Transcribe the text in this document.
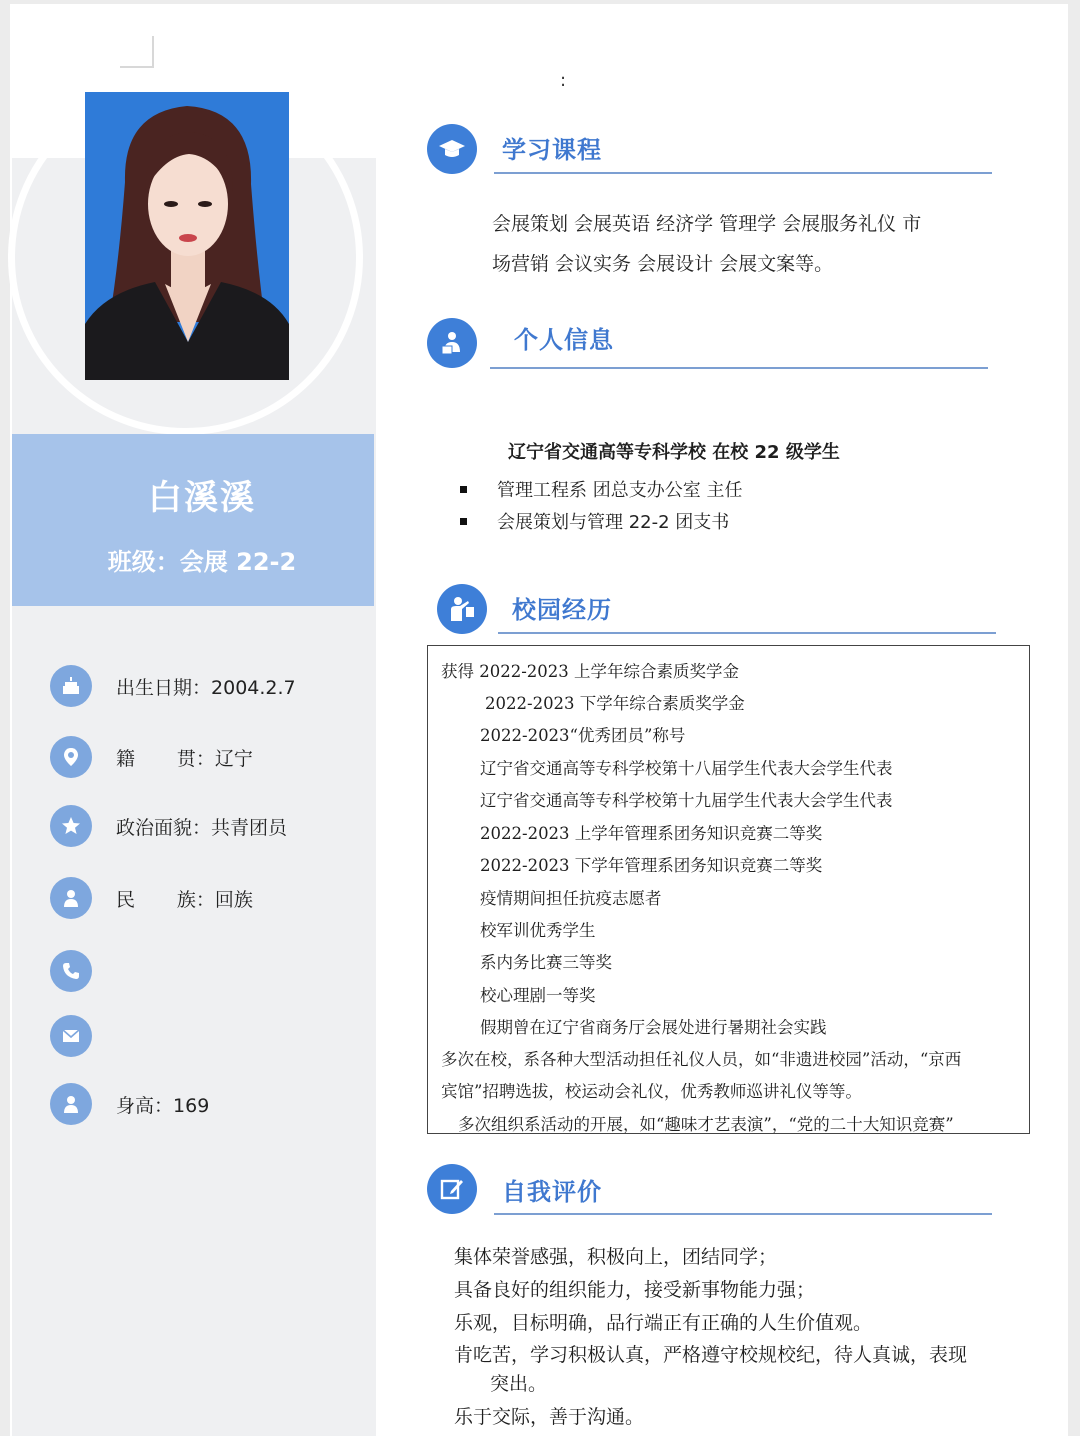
:
白溪溪
班级：会展 22-2
出生日期：2004.2.7
籍贯：辽宁
政治面貌：共青团员
民族：回族
身高：169
学习课程
会展策划 会展英语 经济学 管理学 会展服务礼仪 市
场营销 会议实务 会展设计 会展文案等。
个人信息
辽宁省交通高等专科学校 在校 22 级学生
管理工程系 团总支办公室 主任
会展策划与管理 22-2 团支书
校园经历
获得 2022-2023 上学年综合素质奖学金
2022-2023 下学年综合素质奖学金
2022-2023“优秀团员”称号
辽宁省交通高等专科学校第十八届学生代表大会学生代表
辽宁省交通高等专科学校第十九届学生代表大会学生代表
2022-2023 上学年管理系团务知识竞赛二等奖
2022-2023 下学年管理系团务知识竞赛二等奖
疫情期间担任抗疫志愿者
校军训优秀学生
系内务比赛三等奖
校心理剧一等奖
假期曾在辽宁省商务厅会展处进行暑期社会实践
多次在校，系各种大型活动担任礼仪人员，如“非遗进校园”活动，“京西
宾馆”招聘选拔，校运动会礼仪，优秀教师巡讲礼仪等等。
多次组织系活动的开展，如“趣味才艺表演”，“党的二十大知识竞赛”
自我评价
集体荣誉感强，积极向上，团结同学；
具备良好的组织能力，接受新事物能力强；
乐观，目标明确，品行端正有正确的人生价值观。
肯吃苦，学习积极认真，严格遵守校规校纪，待人真诚，表现
突出。
乐于交际，善于沟通。
